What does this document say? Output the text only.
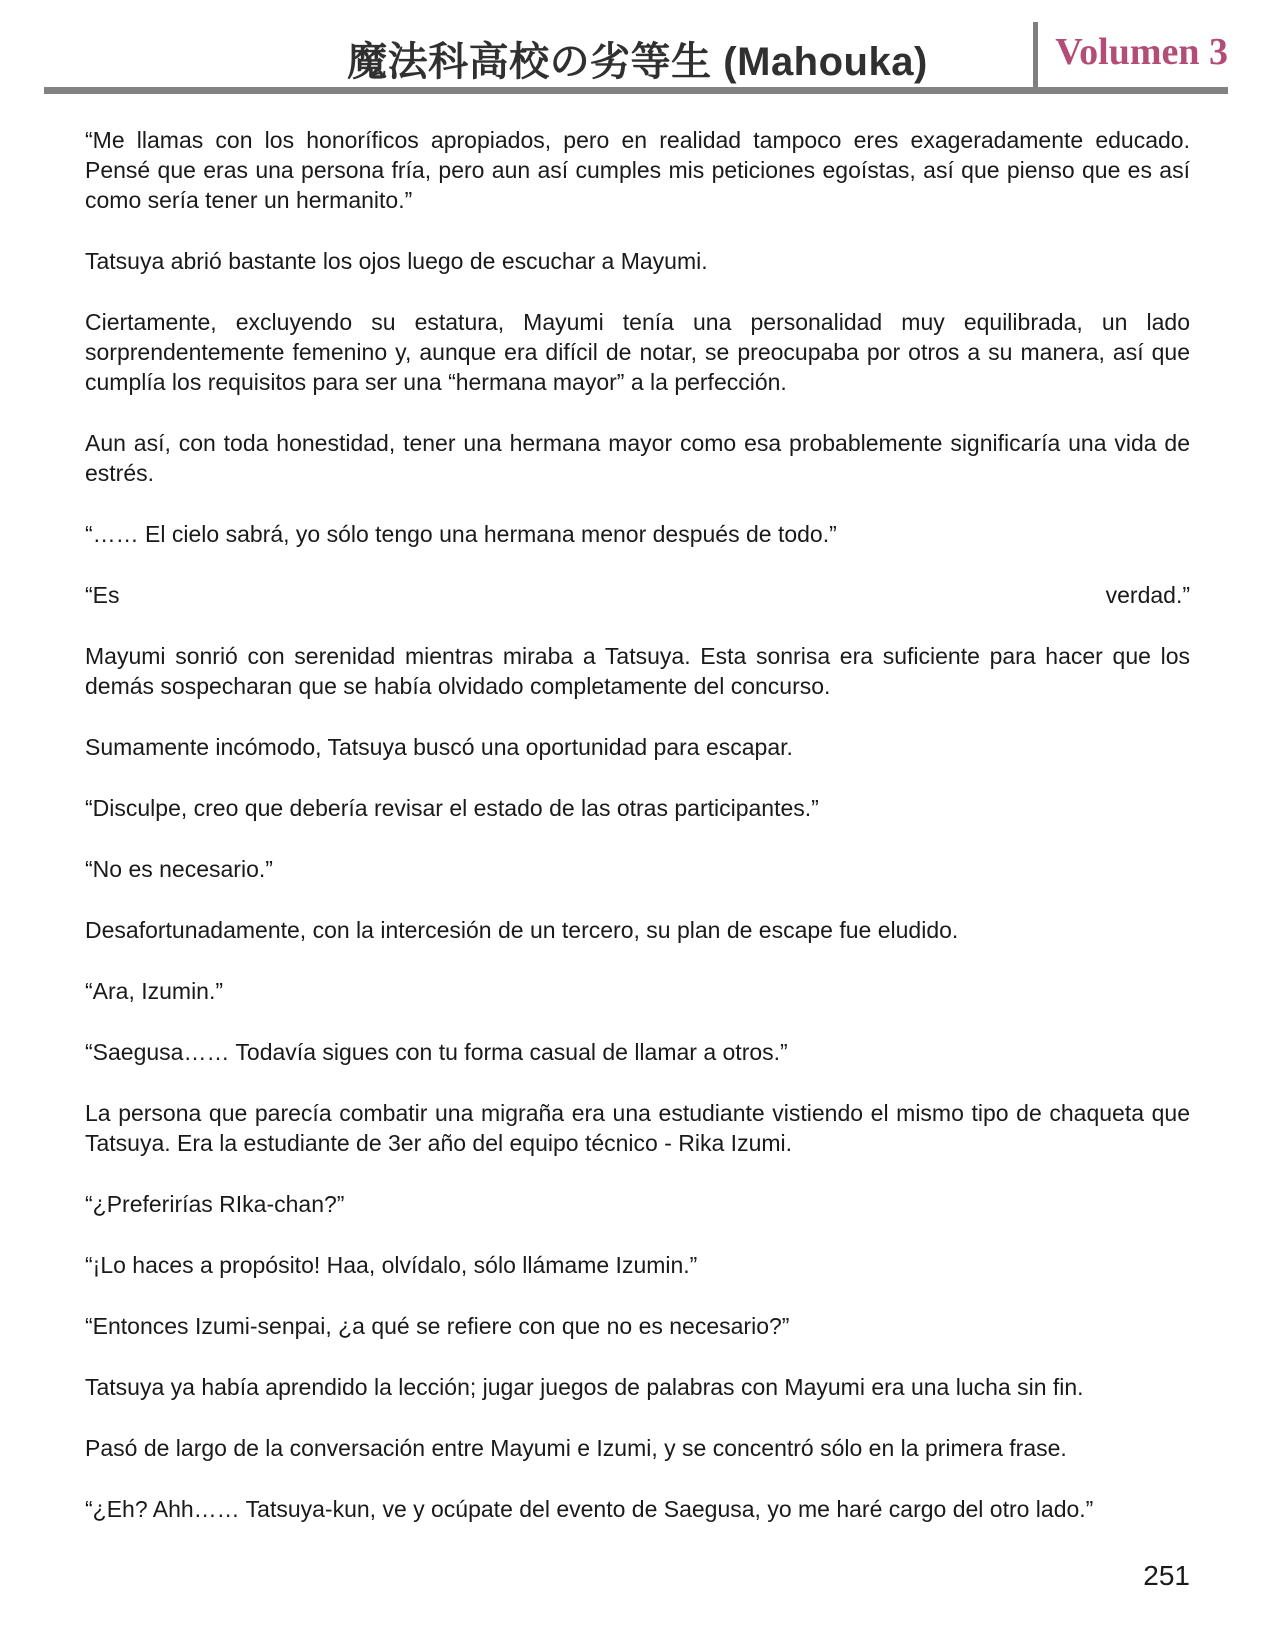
魔法科高校の劣等生 (Mahouka)	Volumen 3

“Me llamas con los honoríficos apropiados, pero en realidad tampoco eres exageradamente educado. Pensé que eras una persona fría, pero aun así cumples mis peticiones egoístas, así que pienso que es así como sería tener un hermanito.”

Tatsuya abrió bastante los ojos luego de escuchar a Mayumi.

Ciertamente, excluyendo su estatura, Mayumi tenía una personalidad muy equilibrada, un lado sorprendentemente femenino y, aunque era difícil de notar, se preocupaba por otros a su manera, así que cumplía los requisitos para ser una “hermana mayor” a la perfección.

Aun así, con toda honestidad, tener una hermana mayor como esa probablemente significaría una vida de estrés.

“…… El cielo sabrá, yo sólo tengo una hermana menor después de todo.”

“Es	verdad.”

Mayumi sonrió con serenidad mientras miraba a Tatsuya. Esta sonrisa era suficiente para hacer que los demás sospecharan que se había olvidado completamente del concurso.

Sumamente incómodo, Tatsuya buscó una oportunidad para escapar.

“Disculpe, creo que debería revisar el estado de las otras participantes.”

“No es necesario.”

Desafortunadamente, con la intercesión de un tercero, su plan de escape fue eludido.

“Ara, Izumin.”

“Saegusa…… Todavía sigues con tu forma casual de llamar a otros.”

La persona que parecía combatir una migraña era una estudiante vistiendo el mismo tipo de chaqueta que Tatsuya. Era la estudiante de 3er año del equipo técnico - Rika Izumi.

“¿Preferirías RIka-chan?”

“¡Lo haces a propósito! Haa, olvídalo, sólo llámame Izumin.”

“Entonces Izumi-senpai, ¿a qué se refiere con que no es necesario?”

Tatsuya ya había aprendido la lección; jugar juegos de palabras con Mayumi era una lucha sin fin.

Pasó de largo de la conversación entre Mayumi e Izumi, y se concentró sólo en la primera frase.

“¿Eh? Ahh…… Tatsuya-kun, ve y ocúpate del evento de Saegusa, yo me haré cargo del otro lado.”

251
